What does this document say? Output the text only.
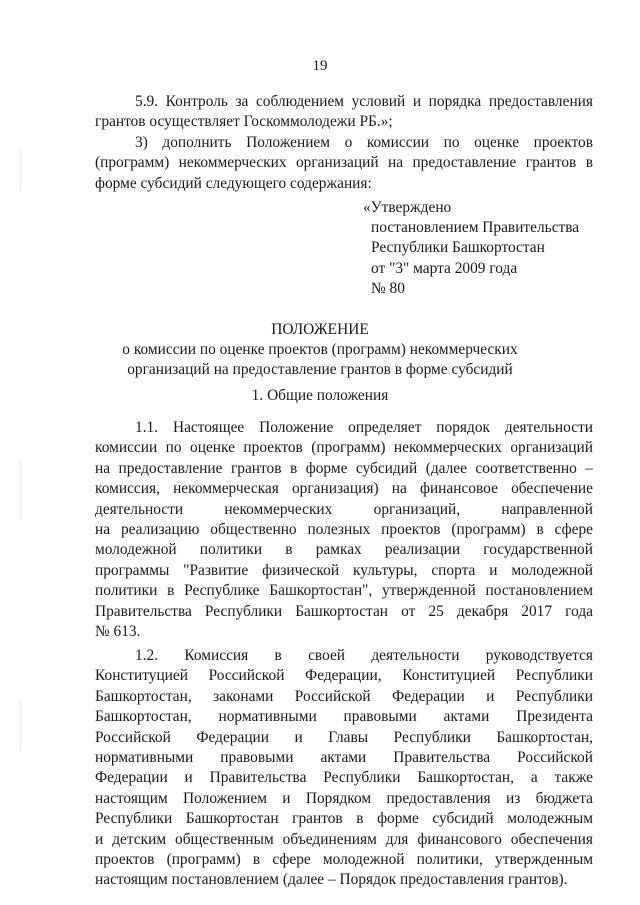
19
5.9. Контроль за соблюдением условий и порядка предоставления
грантов осуществляет Госкоммолодежи РБ.»;
3) дополнить Положением о комиссии по оценке проектов
(программ) некоммерческих организаций на предоставление грантов в
форме субсидий следующего содержания:
«Утверждено
постановлением Правительства
Республики Башкортостан
от "3" марта 2009 года
№ 80
ПОЛОЖЕНИЕ
о комиссии по оценке проектов (программ) некоммерческих
организаций на предоставление грантов в форме субсидий
1. Общие положения
1.1. Настоящее Положение определяет порядок деятельности
комиссии по оценке проектов (программ) некоммерческих организаций
на предоставление грантов в форме субсидий (далее соответственно –
комиссия, некоммерческая организация) на финансовое обеспечение
деятельности некоммерческих организаций, направленной
на реализацию общественно полезных проектов (программ) в сфере
молодежной политики в рамках реализации государственной
программы "Развитие физической культуры, спорта и молодежной
политики в Республике Башкортостан", утвержденной постановлением
Правительства Республики Башкортостан от 25 декабря 2017 года
№ 613.
1.2. Комиссия в своей деятельности руководствуется
Конституцией Российской Федерации, Конституцией Республики
Башкортостан, законами Российской Федерации и Республики
Башкортостан, нормативными правовыми актами Президента
Российской Федерации и Главы Республики Башкортостан,
нормативными правовыми актами Правительства Российской
Федерации и Правительства Республики Башкортостан, а также
настоящим Положением и Порядком предоставления из бюджета
Республики Башкортостан грантов в форме субсидий молодежным
и детским общественным объединениям для финансового обеспечения
проектов (программ) в сфере молодежной политики, утвержденным
настоящим постановлением (далее – Порядок предоставления грантов).
